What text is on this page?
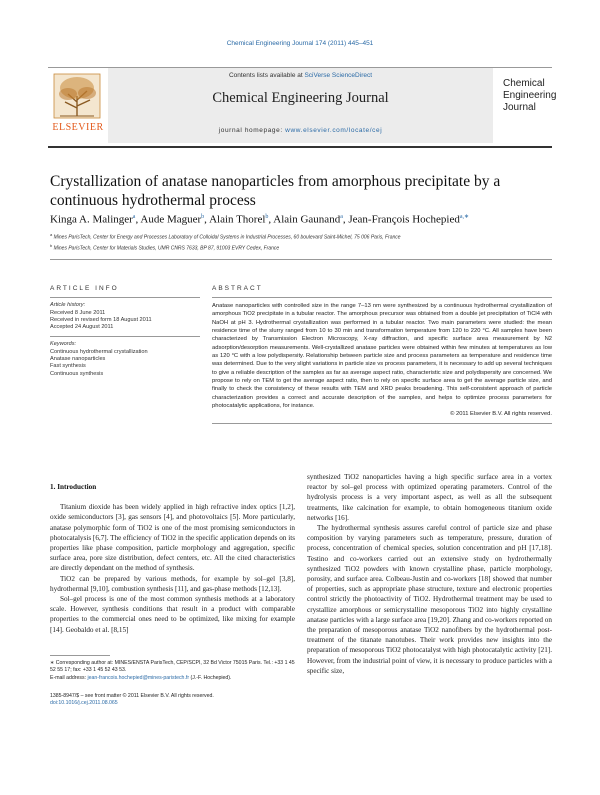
Chemical Engineering Journal 174 (2011) 445–451
Contents lists available at SciVerse ScienceDirect
Chemical Engineering Journal
journal homepage: www.elsevier.com/locate/cej
ELSEVIER
Chemical
Engineering
Journal
Crystallization of anatase nanoparticles from amorphous precipitate by a continuous hydrothermal process
Kinga A. Malinger$^a$, Aude Maguer$^b$, Alain Thorel$^b$, Alain Gaunand$^a$, Jean-François Hochepied$^{a,∗}$
$^a$ Mines ParisTech, Center for Energy and Processes Laboratory of Colloidal Systems in Industrial Processes, 60 boulevard Saint-Michel, 75 006 Paris, France
$^b$ Mines ParisTech, Center for Materials Studies, UMR CNRS 7633, BP 87, 91003 EVRY Cedex, France
ARTICLE INFO
Article history:
Received 8 June 2011
Received in revised form 18 August 2011
Accepted 24 August 2011
Keywords:
Continuous hydrothermal crystallization
Anatase nanoparticles
Fast synthesis
Continuous synthesis
ABSTRACT
Anatase nanoparticles with controlled size in the range 7–13 nm were synthesized by a continuous hydrothermal crystallization of amorphous TiO2 precipitate in a tubular reactor. The amorphous precursor was obtained from a double jet precipitation of TiCl4 with NaOH at pH 3. Hydrothermal crystallization was performed in a tubular reactor. Two main parameters were studied: the mean residence time of the slurry ranged from 10 to 30 min and transformation temperature from 120 to 220 °C. All samples have been characterized by Transmission Electron Microscopy, X-ray diffraction, and specific surface area measurement by N2 adsorption/desorption measurements. Well-crystallized anatase particles were obtained within few minutes at temperatures as low as 120 °C with a low polydispersity. Relationship between particle size and process parameters as temperature and residence time was determined. Due to the very slight variations in particle size vs process parameters, it is necessary to add up several techniques to give a reliable description of the samples as far as average aspect ratio, characteristic size and polydispersity are concerned. We propose to rely on TEM to get the average aspect ratio, then to rely on specific surface area to get the average particle size, and finally to check the consistency of these results with TEM and XRD peaks broadening. This self-consistent approach of particle characterization provides a correct and accurate description of the samples, and helps to optimize process parameters for photocatalytic applications, for instance.
© 2011 Elsevier B.V. All rights reserved.
1. Introduction

Titanium dioxide has been widely applied in high refractive index optics [1,2], oxide semiconductors [3], gas sensors [4], and photovoltaics [5]. More particularly, anatase polymorphic form of TiO2 is one of the most promising semiconductors in photocatalysis [6,7]. The efficiency of TiO2 in the specific application depends on its properties like phase composition, particle morphology and aggregation, specific surface area, pore size distribution, defect centers, etc. All the cited characteristics are directly dependant on the method of synthesis.

TiO2 can be prepared by various methods, for example by sol–gel [3,8], hydrothermal [9,10], combustion synthesis [11], and gas-phase methods [12,13].

Sol–gel process is one of the most common synthesis methods at a laboratory scale. However, synthesis conditions that result in a product with comparable properties to the commercial ones need to be optimized, like mixing for example [14]. Geobaldo et al. [8,15]

synthesized TiO2 nanoparticles having a high specific surface area in a vortex reactor by sol–gel process with optimized operating parameters. Control of the hydrolysis process is a very important aspect, as well as all the subsequent treatments, like calcination for example, to obtain homogeneous titanium oxide networks [16].

The hydrothermal synthesis assures careful control of particle size and phase composition by varying parameters such as temperature, pressure, duration of process, concentration of chemical species, solution concentration and pH [17,18]. Testino and co-workers carried out an extensive study on hydrothermally synthesized TiO2 powders with known crystalline phase, particle morphology, porosity, and surface area. Colbeau-Justin and co-workers [18] showed that number of properties, such as appropriate phase structure, texture and electronic properties control strictly the photoactivity of TiO2. Hydrothermal treatment may be used to crystallize amorphous or semicrystalline mesoporous TiO2 into highly crystalline anatase particles with a large surface area [19,20]. Zhang and co-workers reported on the preparation of mesoporous anatase TiO2 nanofibers by the hydrothermal post-treatment of the titanate nanotubes. Their work provides new insights into the preparation of mesoporous TiO2 photocatalyst with high photocatalytic activity [21]. However, from the industrial point of view, it is necessary to produce particles with a specific size,

∗ Corresponding author at: MINES/ENSTA ParisTech, CEP/SCPI, 32 Bd Victor 75015 Paris. Tel.: +33 1 45 52 55 17; fax: +33 1 45 52 43 53.
E-mail address: jean-francois.hochepied@mines-paristech.fr (J.-F. Hochepied).
1385-8947/$ – see front matter © 2011 Elsevier B.V. All rights reserved.
doi:10.1016/j.cej.2011.08.065
